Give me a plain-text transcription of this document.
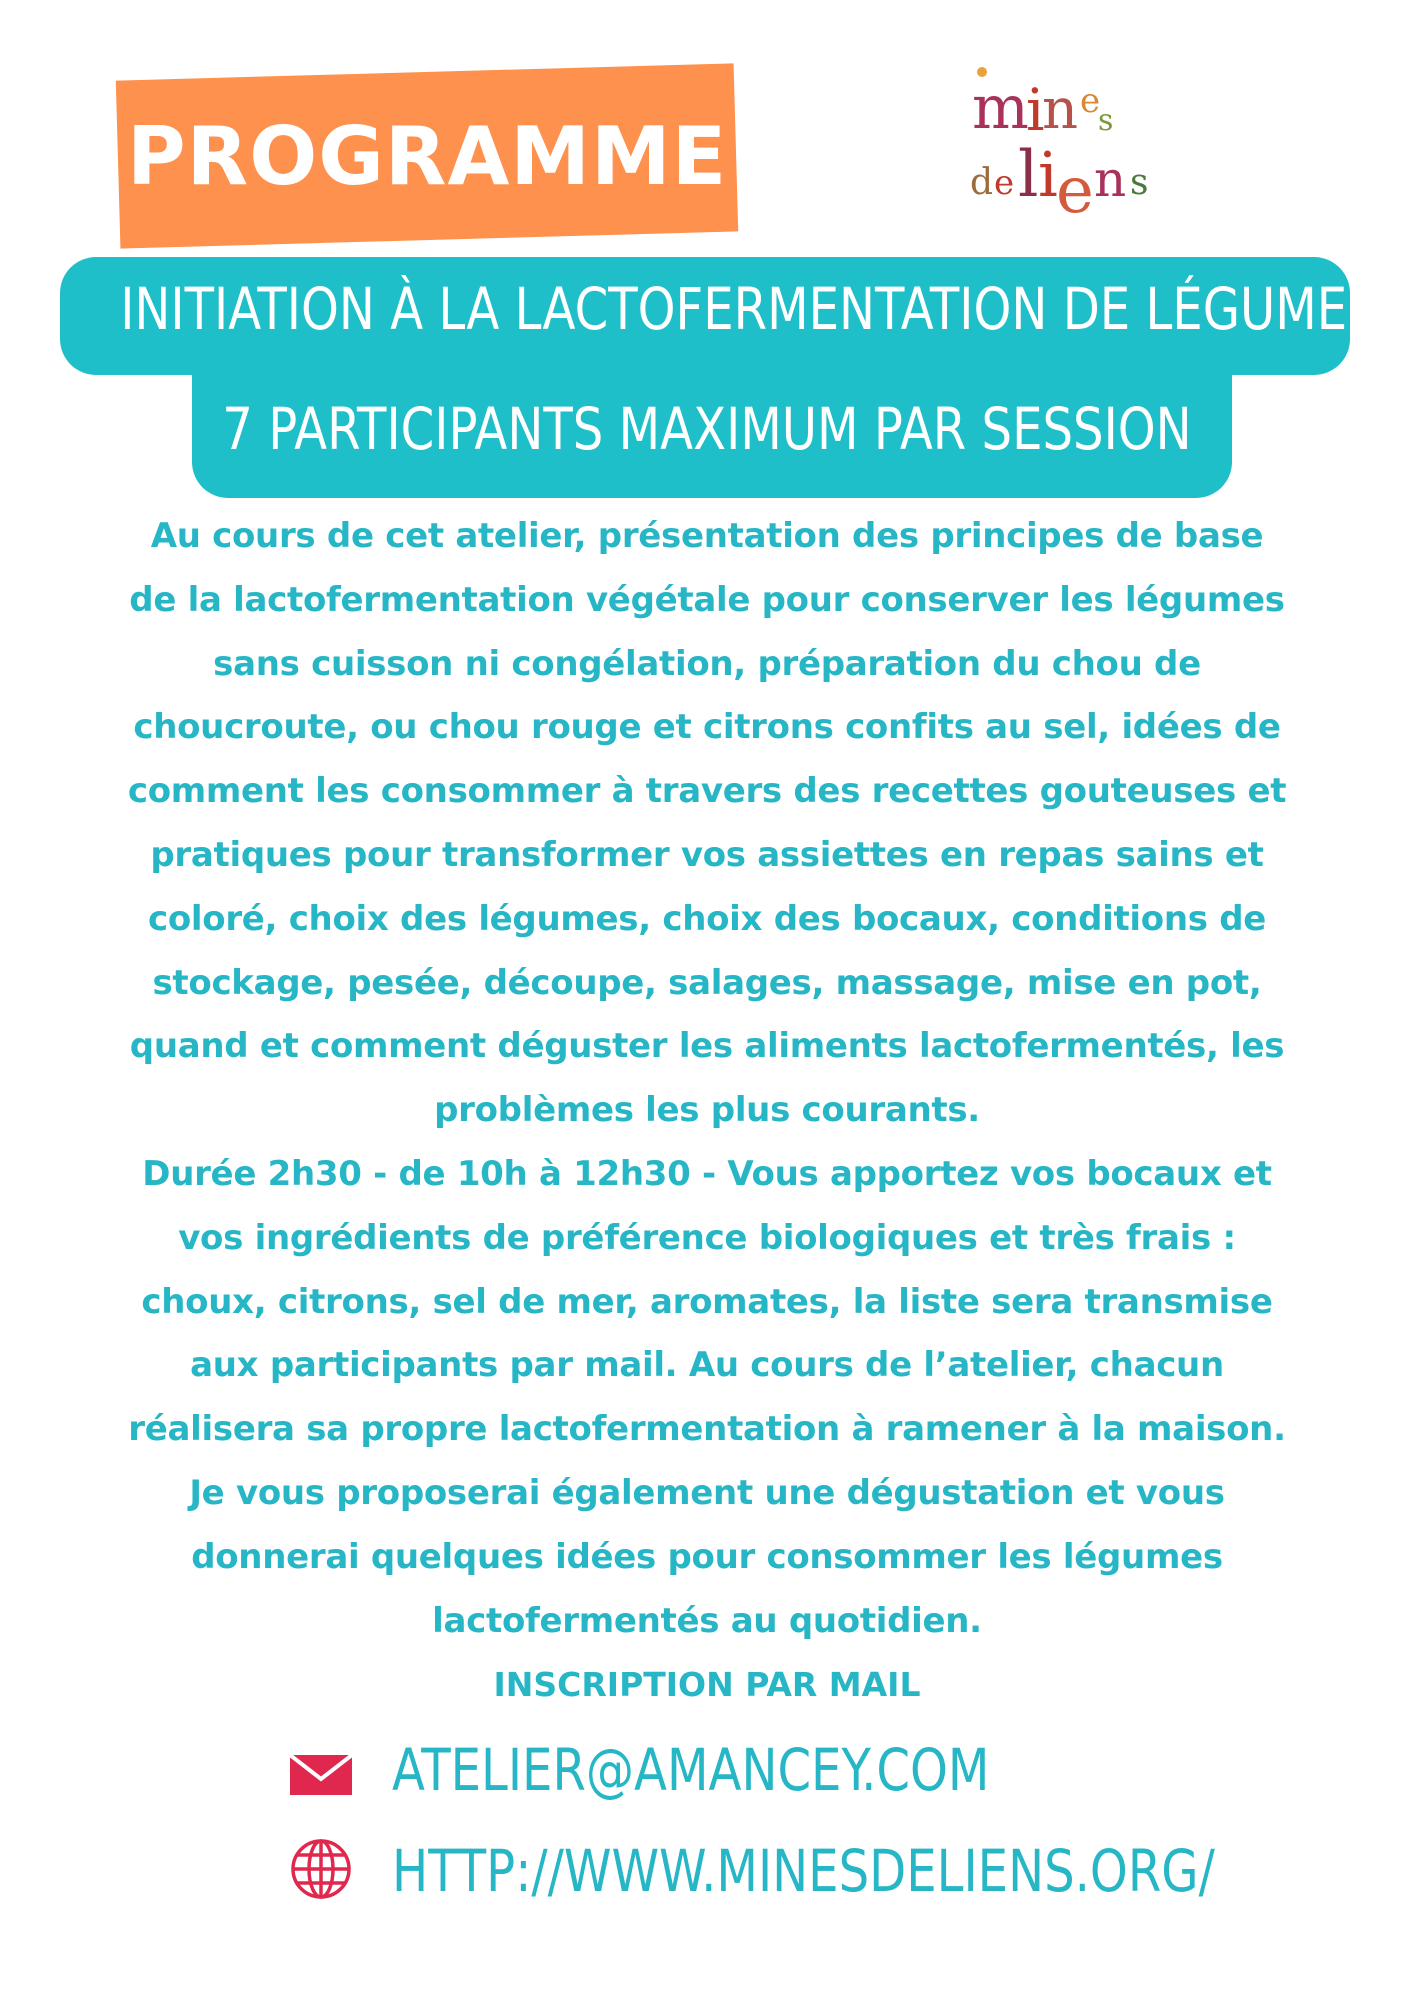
PROGRAMME
m
i
n e
s
d e l i
e n s
INITIATION À LA LACTOFERMENTATION DE LÉGUMES
7 PARTICIPANTS MAXIMUM PAR SESSION
Au cours de cet atelier, présentation des principes de base
de la lactofermentation végétale pour conserver les légumes
sans cuisson ni congélation, préparation du chou de
choucroute, ou chou rouge et citrons confits au sel, idées de
comment les consommer à travers des recettes gouteuses et
pratiques pour transformer vos assiettes en repas sains et
coloré, choix des légumes, choix des bocaux, conditions de
stockage, pesée, découpe, salages, massage, mise en pot,
quand et comment déguster les aliments lactofermentés, les
problèmes les plus courants.
Durée 2h30 - de 10h à 12h30 - Vous apportez vos bocaux et
vos ingrédients de préférence biologiques et très frais :
choux, citrons, sel de mer, aromates, la liste sera transmise
aux participants par mail. Au cours de l’atelier, chacun
réalisera sa propre lactofermentation à ramener à la maison.
Je vous proposerai également une dégustation et vous
donnerai quelques idées pour consommer les légumes
lactofermentés au quotidien.
INSCRIPTION PAR MAIL
ATELIER@AMANCEY.COM
HTTP://WWW.MINESDELIENS.ORG/
